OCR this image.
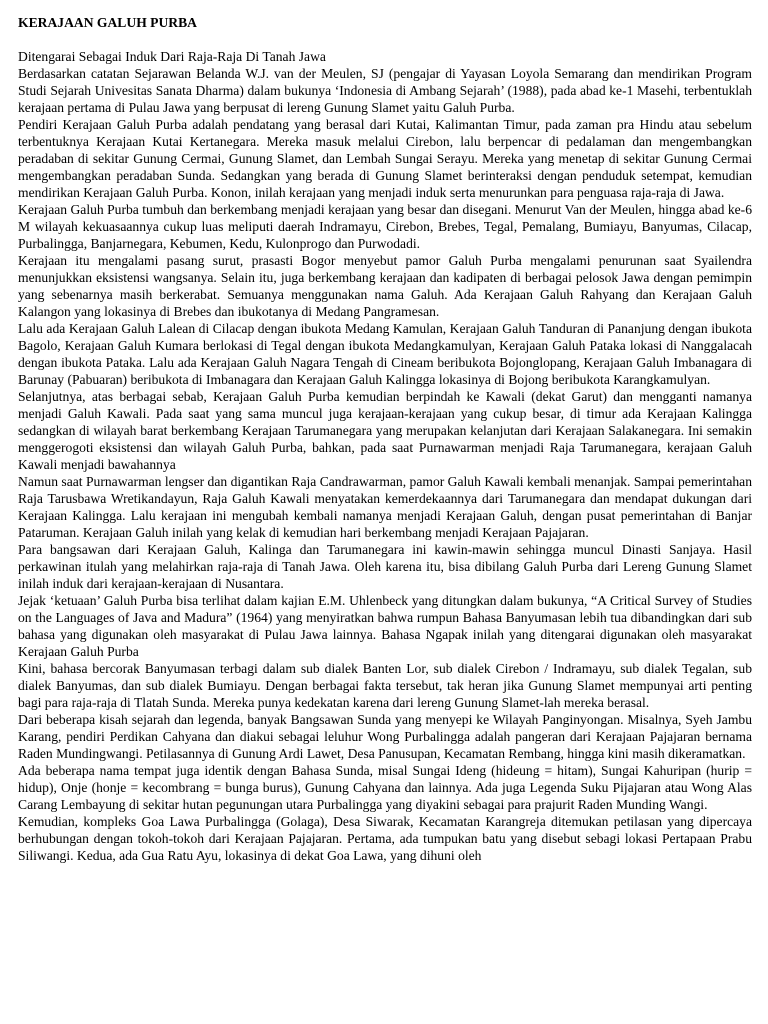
KERAJAAN GALUH PURBA
Ditengarai Sebagai Induk Dari Raja-Raja Di Tanah Jawa

Berdasarkan catatan Sejarawan Belanda W.J. van der Meulen, SJ (pengajar di Yayasan Loyola Semarang dan mendirikan Program Studi Sejarah Univesitas Sanata Dharma) dalam bukunya ‘Indonesia di Ambang Sejarah’ (1988), pada abad ke-1 Masehi, terbentuklah kerajaan pertama di Pulau Jawa yang berpusat di lereng Gunung Slamet yaitu Galuh Purba.

Pendiri Kerajaan Galuh Purba adalah pendatang yang berasal dari Kutai, Kalimantan Timur, pada zaman pra Hindu atau sebelum terbentuknya Kerajaan Kutai Kertanegara. Mereka masuk melalui Cirebon, lalu berpencar di pedalaman dan mengembangkan peradaban di sekitar Gunung Cermai, Gunung Slamet, dan Lembah Sungai Serayu. Mereka yang menetap di sekitar Gunung Cermai mengembangkan peradaban Sunda. Sedangkan yang berada di Gunung Slamet berinteraksi dengan penduduk setempat, kemudian mendirikan Kerajaan Galuh Purba. Konon, inilah kerajaan yang menjadi induk serta menurunkan para penguasa raja-raja di Jawa.

Kerajaan Galuh Purba tumbuh dan berkembang menjadi kerajaan yang besar dan disegani. Menurut Van der Meulen, hingga abad ke-6 M wilayah kekuasaannya cukup luas meliputi daerah Indramayu, Cirebon, Brebes, Tegal, Pemalang, Bumiayu, Banyumas, Cilacap, Purbalingga, Banjarnegara, Kebumen, Kedu, Kulonprogo dan Purwodadi.

Kerajaan itu mengalami pasang surut, prasasti Bogor menyebut pamor Galuh Purba mengalami penurunan saat Syailendra menunjukkan eksistensi wangsanya. Selain itu, juga berkembang kerajaan dan kadipaten di berbagai pelosok Jawa dengan pemimpin yang sebenarnya masih berkerabat. Semuanya menggunakan nama Galuh. Ada Kerajaan Galuh Rahyang dan Kerajaan Galuh Kalangon yang lokasinya di Brebes dan ibukotanya di Medang Pangramesan.

Lalu ada Kerajaan Galuh Lalean di Cilacap dengan ibukota Medang Kamulan, Kerajaan Galuh Tanduran di Pananjung dengan ibukota Bagolo, Kerajaan Galuh Kumara berlokasi di Tegal dengan ibukota Medangkamulyan, Kerajaan Galuh Pataka lokasi di Nanggalacah dengan ibukota Pataka. Lalu ada Kerajaan Galuh Nagara Tengah di Cineam beribukota Bojonglopang, Kerajaan Galuh Imbanagara di Barunay (Pabuaran) beribukota di Imbanagara dan Kerajaan Galuh Kalingga lokasinya di Bojong beribukota Karangkamulyan.

Selanjutnya, atas berbagai sebab, Kerajaan Galuh Purba kemudian berpindah ke Kawali (dekat Garut) dan mengganti namanya menjadi Galuh Kawali. Pada saat yang sama muncul juga kerajaan-kerajaan yang cukup besar, di timur ada Kerajaan Kalingga sedangkan di wilayah barat berkembang Kerajaan Tarumanegara yang merupakan kelanjutan dari Kerajaan Salakanegara. Ini semakin menggerogoti eksistensi dan wilayah Galuh Purba, bahkan, pada saat Purnawarman menjadi Raja Tarumanegara, kerajaan Galuh Kawali menjadi bawahannya

Namun saat Purnawarman lengser dan digantikan Raja Candrawarman, pamor Galuh Kawali kembali menanjak. Sampai pemerintahan Raja Tarusbawa Wretikandayun, Raja Galuh Kawali menyatakan kemerdekaannya dari Tarumanegara dan mendapat dukungan dari Kerajaan Kalingga. Lalu kerajaan ini mengubah kembali namanya menjadi Kerajaan Galuh, dengan pusat pemerintahan di Banjar Pataruman. Kerajaan Galuh inilah yang kelak di kemudian hari berkembang menjadi Kerajaan Pajajaran.

Para bangsawan dari Kerajaan Galuh, Kalinga dan Tarumanegara ini kawin-mawin sehingga muncul Dinasti Sanjaya. Hasil perkawinan itulah yang melahirkan raja-raja di Tanah Jawa. Oleh karena itu, bisa dibilang Galuh Purba dari Lereng Gunung Slamet inilah induk dari kerajaan-kerajaan di Nusantara.

Jejak ‘ketuaan’ Galuh Purba bisa terlihat dalam kajian E.M. Uhlenbeck yang ditungkan dalam bukunya, “A Critical Survey of Studies on the Languages of Java and Madura” (1964) yang menyiratkan bahwa rumpun Bahasa Banyumasan lebih tua dibandingkan dari sub bahasa yang digunakan oleh masyarakat di Pulau Jawa lainnya. Bahasa Ngapak inilah yang ditengarai digunakan oleh masyarakat Kerajaan Galuh Purba

Kini, bahasa bercorak Banyumasan terbagi dalam sub dialek Banten Lor, sub dialek Cirebon / Indramayu, sub dialek Tegalan, sub dialek Banyumas, dan sub dialek Bumiayu. Dengan berbagai fakta tersebut, tak heran jika Gunung Slamet mempunyai arti penting bagi para raja-raja di Tlatah Sunda. Mereka punya kedekatan karena dari lereng Gunung Slamet-lah mereka berasal.

Dari beberapa kisah sejarah dan legenda, banyak Bangsawan Sunda yang menyepi ke Wilayah Panginyongan. Misalnya, Syeh Jambu Karang, pendiri Perdikan Cahyana dan diakui sebagai leluhur Wong Purbalingga adalah pangeran dari Kerajaan Pajajaran bernama Raden Mundingwangi. Petilasannya di Gunung Ardi Lawet, Desa Panusupan, Kecamatan Rembang, hingga kini masih dikeramatkan.

Ada beberapa nama tempat juga identik dengan Bahasa Sunda, misal Sungai Ideng (hideung = hitam), Sungai Kahuripan (hurip = hidup), Onje (honje = kecombrang = bunga burus), Gunung Cahyana dan lainnya. Ada juga Legenda Suku Pijajaran atau Wong Alas Carang Lembayung di sekitar hutan pegunungan utara Purbalingga yang diyakini sebagai para prajurit Raden Munding Wangi.

Kemudian, kompleks Goa Lawa Purbalingga (Golaga), Desa Siwarak, Kecamatan Karangreja ditemukan petilasan yang dipercaya berhubungan dengan tokoh-tokoh dari Kerajaan Pajajaran. Pertama, ada tumpukan batu yang disebut sebagi lokasi Pertapaan Prabu Siliwangi. Kedua, ada Gua Ratu Ayu, lokasinya di dekat Goa Lawa, yang dihuni oleh
